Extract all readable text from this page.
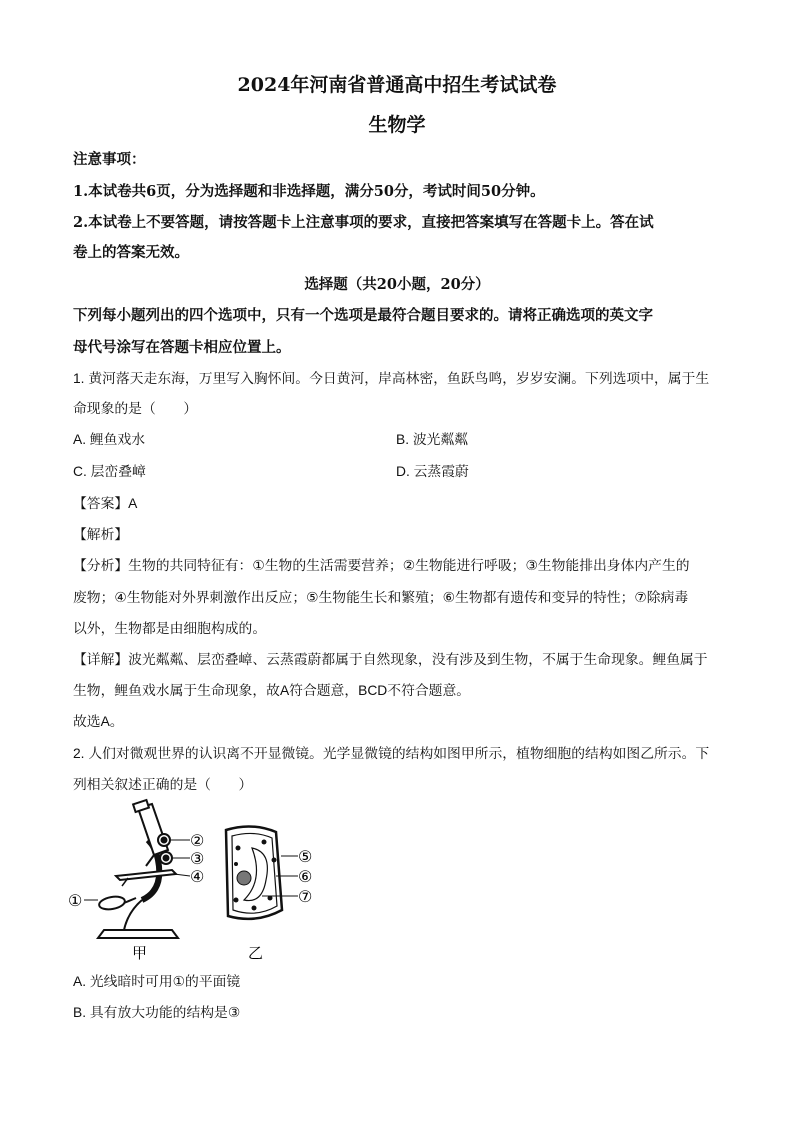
2024年河南省普通高中招生考试试卷
生物学
注意事项：
1.本试卷共6页，分为选择题和非选择题，满分50分，考试时间50分钟。
2.本试卷上不要答题，请按答题卡上注意事项的要求，直接把答案填写在答题卡上。答在试
卷上的答案无效。
选择题（共20小题，20分）
下列每小题列出的四个选项中，只有一个选项是最符合题目要求的。请将正确选项的英文字
母代号涂写在答题卡相应位置上。
1. 黄河落天走东海，万里写入胸怀间。今日黄河，岸高林密，鱼跃鸟鸣，岁岁安澜。下列选项中，属于生
命现象的是（　　）
A. 鲤鱼戏水	B. 波光粼粼
C. 层峦叠嶂	D. 云蒸霞蔚
【答案】A
【解析】
【分析】生物的共同特征有：①生物的生活需要营养；②生物能进行呼吸；③生物能排出身体内产生的
废物；④生物能对外界刺激作出反应；⑤生物能生长和繁殖；⑥生物都有遗传和变异的特性；⑦除病毒
以外，生物都是由细胞构成的。
【详解】波光粼粼、层峦叠嶂、云蒸霞蔚都属于自然现象，没有涉及到生物，不属于生命现象。鲤鱼属于
生物，鲤鱼戏水属于生命现象，故A符合题意，BCD不符合题意。
故选A。
2. 人们对微观世界的认识离不开显微镜。光学显微镜的结构如图甲所示，植物细胞的结构如图乙所示。下
列相关叙述正确的是（　　）
②
③
④
①
甲
⑤
⑥
⑦
乙
A. 光线暗时可用①的平面镜
B. 具有放大功能的结构是③
